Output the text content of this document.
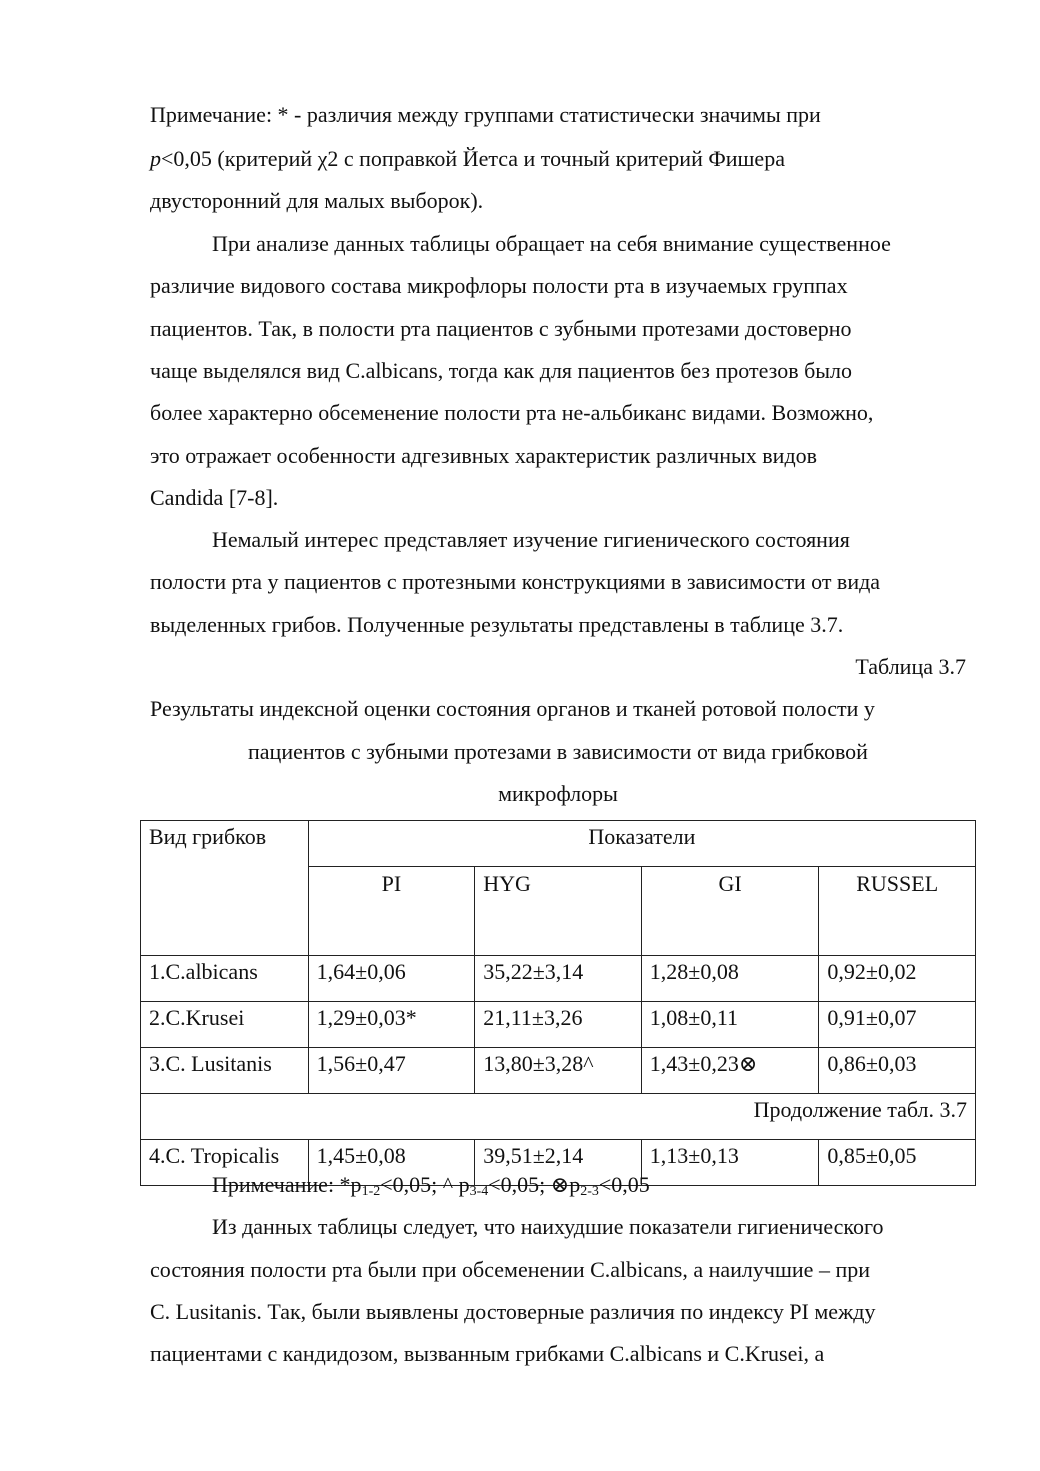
Примечание: * - различия между группами статистически значимы при
p<0,05 (критерий χ2 с поправкой Йетса и точный критерий Фишера
двусторонний для малых выборок).
При анализе данных таблицы обращает на себя внимание существенное
различие видового состава микрофлоры полости рта в изучаемых группах
пациентов. Так, в полости рта пациентов с зубными протезами достоверно
чаще выделялся вид C.albicans, тогда как для пациентов без протезов было
более характерно обсеменение полости рта не-альбиканс видами. Возможно,
это отражает особенности адгезивных характеристик различных видов
Candida [7-8].
Немалый интерес представляет изучение гигиенического состояния
полости рта у пациентов с протезными конструкциями в зависимости от вида
выделенных грибов. Полученные результаты представлены в таблице 3.7.
Таблица 3.7
Результаты индексной оценки состояния органов и тканей ротовой полости у
пациентов с зубными протезами в зависимости от вида грибковой
микрофлоры
Вид грибков	Показатели			
	PI	HYG	GI	RUSSEL
1.C.albicans	1,64±0,06	35,22±3,14	1,28±0,08	0,92±0,02
2.C.Krusei	1,29±0,03*	21,11±3,26	1,08±0,11	0,91±0,07
3.C. Lusitanis	1,56±0,47	13,80±3,28^	1,43±0,23⊗	0,86±0,03
Продолжение табл. 3.7				
4.C. Tropicalis	1,45±0,08	39,51±2,14	1,13±0,13	0,85±0,05
Примечание: $*р_{1-2}<0,05$; ^ $р_{3-4}<0,05$; $\otimes р_{2-3}<0,05$
Из данных таблицы следует, что наихудшие показатели гигиенического
состояния полости рта были при обсеменении C.albicans, а наилучшие – при
C. Lusitanis. Так, были выявлены достоверные различия по индексу PI между
пациентами с кандидозом, вызванным грибками C.albicans и C.Krusei, а
